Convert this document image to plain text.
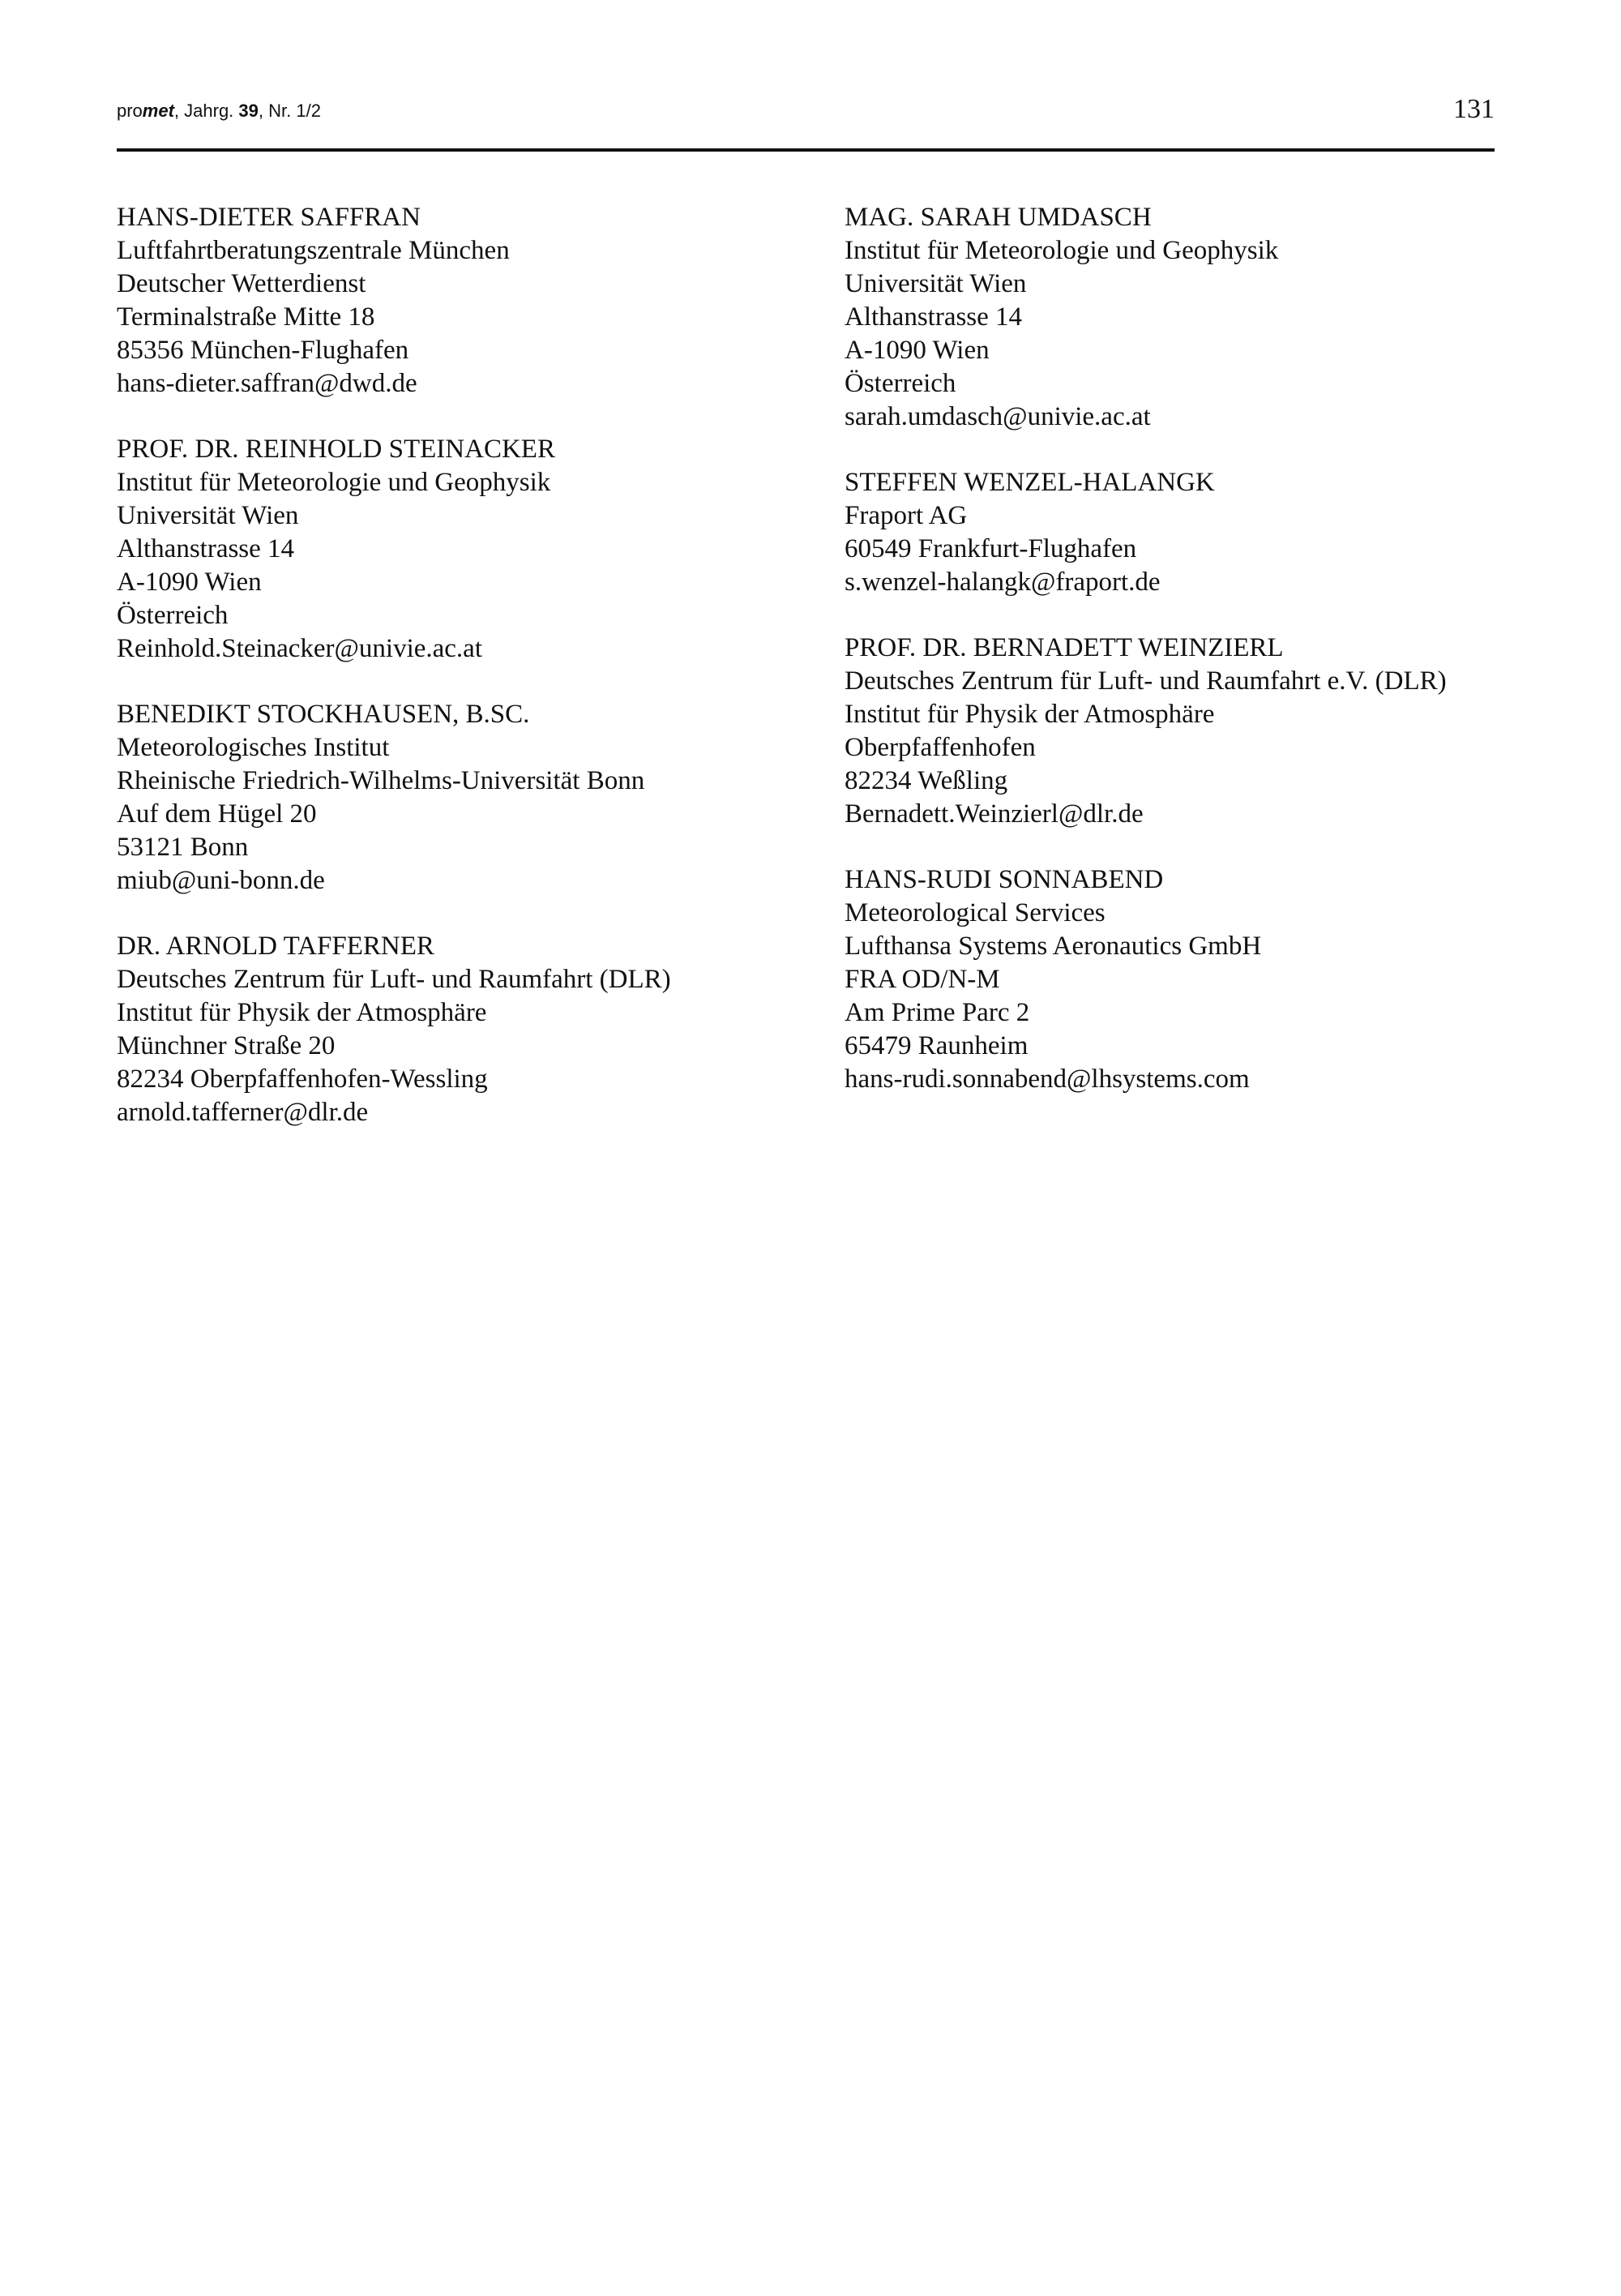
promet, Jahrg. 39, Nr. 1/2	131
HANS-DIETER SAFFRAN
Luftfahrtberatungszentrale München
Deutscher Wetterdienst
Terminalstraße Mitte 18
85356 München-Flughafen
hans-dieter.saffran@dwd.de
PROF. DR. REINHOLD STEINACKER
Institut für Meteorologie und Geophysik
Universität Wien
Althanstrasse 14
A-1090 Wien
Österreich
Reinhold.Steinacker@univie.ac.at
BENEDIKT STOCKHAUSEN, B.SC.
Meteorologisches Institut
Rheinische Friedrich-Wilhelms-Universität Bonn
Auf dem Hügel 20
53121 Bonn
miub@uni-bonn.de
DR. ARNOLD TAFFERNER
Deutsches Zentrum für Luft- und Raumfahrt (DLR)
Institut für Physik der Atmosphäre
Münchner Straße 20
82234 Oberpfaffenhofen-Wessling
arnold.tafferner@dlr.de
MAG. SARAH UMDASCH
Institut für Meteorologie und Geophysik
Universität Wien
Althanstrasse 14
A-1090 Wien
Österreich
sarah.umdasch@univie.ac.at
STEFFEN WENZEL-HALANGK
Fraport AG
60549 Frankfurt-Flughafen
s.wenzel-halangk@fraport.de
PROF. DR. BERNADETT WEINZIERL
Deutsches Zentrum für Luft- und Raumfahrt e.V. (DLR)
Institut für Physik der Atmosphäre
Oberpfaffenhofen
82234 Weßling
Bernadett.Weinzierl@dlr.de
HANS-RUDI SONNABEND
Meteorological Services
Lufthansa Systems Aeronautics GmbH
FRA OD/N-M
Am Prime Parc 2
65479 Raunheim
hans-rudi.sonnabend@lhsystems.com
